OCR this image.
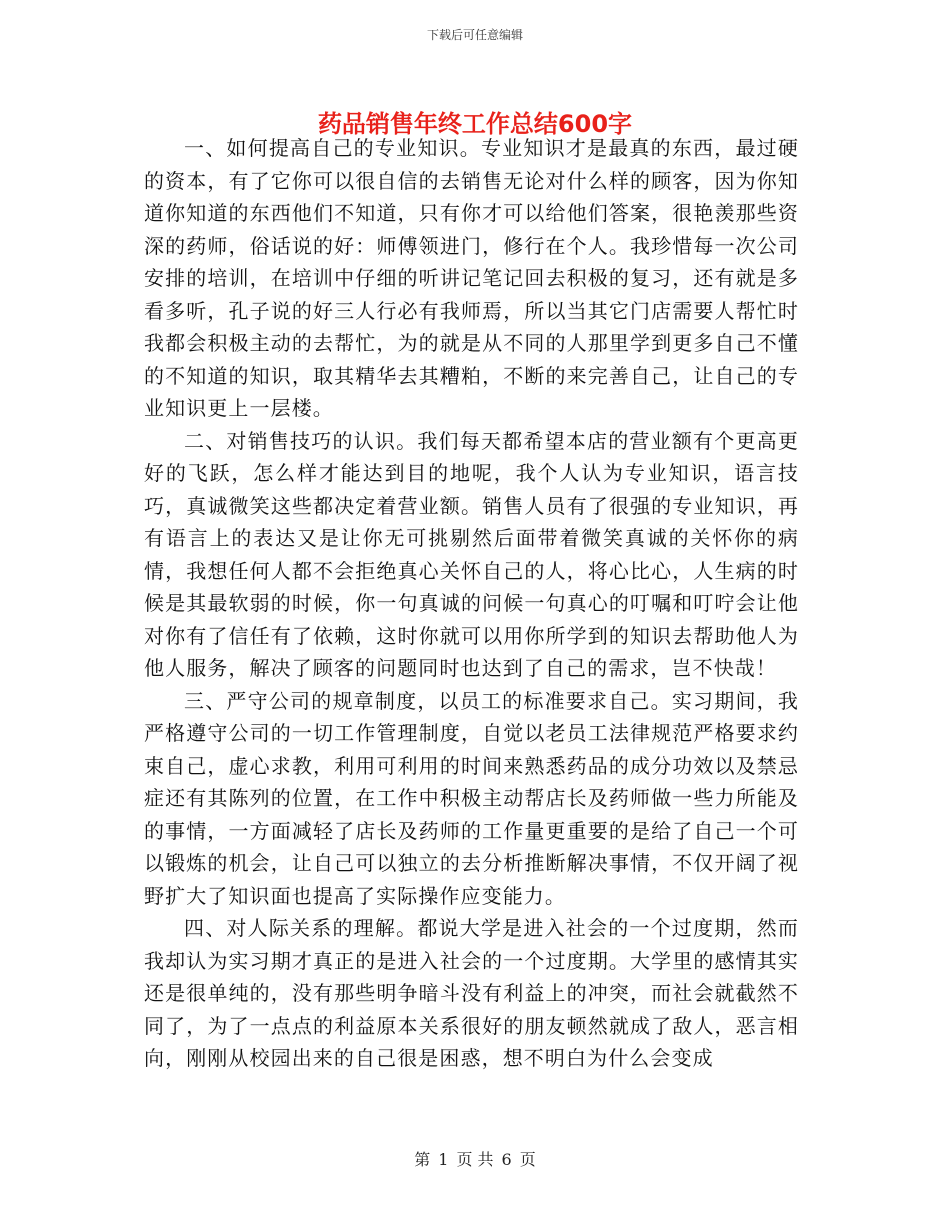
下载后可任意编辑
药品销售年终工作总结600字

一、如何提高自己的专业知识。专业知识才是最真的东西，最过硬的资本，有了它你可以很自信的去销售无论对什么样的顾客，因为你知道你知道的东西他们不知道，只有你才可以给他们答案，很艳羡那些资深的药师，俗话说的好：师傅领进门，修行在个人。我珍惜每一次公司安排的培训，在培训中仔细的听讲记笔记回去积极的复习，还有就是多看多听，孔子说的好三人行必有我师焉，所以当其它门店需要人帮忙时我都会积极主动的去帮忙，为的就是从不同的人那里学到更多自己不懂的不知道的知识，取其精华去其糟粕，不断的来完善自己，让自己的专业知识更上一层楼。

二、对销售技巧的认识。我们每天都希望本店的营业额有个更高更好的飞跃，怎么样才能达到目的地呢，我个人认为专业知识，语言技巧，真诚微笑这些都决定着营业额。销售人员有了很强的专业知识，再有语言上的表达又是让你无可挑剔然后面带着微笑真诚的关怀你的病情，我想任何人都不会拒绝真心关怀自己的人，将心比心，人生病的时候是其最软弱的时候，你一句真诚的问候一句真心的叮嘱和叮咛会让他对你有了信任有了依赖，这时你就可以用你所学到的知识去帮助他人为他人服务，解决了顾客的问题同时也达到了自己的需求，岂不快哉！

三、严守公司的规章制度，以员工的标准要求自己。实习期间，我严格遵守公司的一切工作管理制度，自觉以老员工法律规范严格要求约束自己，虚心求教，利用可利用的时间来熟悉药品的成分功效以及禁忌症还有其陈列的位置，在工作中积极主动帮店长及药师做一些力所能及的事情，一方面减轻了店长及药师的工作量更重要的是给了自己一个可以锻炼的机会，让自己可以独立的去分析推断解决事情，不仅开阔了视野扩大了知识面也提高了实际操作应变能力。

四、对人际关系的理解。都说大学是进入社会的一个过度期，然而我却认为实习期才真正的是进入社会的一个过度期。大学里的感情其实还是很单纯的，没有那些明争暗斗没有利益上的冲突，而社会就截然不同了，为了一点点的利益原本关系很好的朋友顿然就成了敌人，恶言相向，刚刚从校园出来的自己很是困惑，想不明白为什么会变成

第 1 页 共 6 页
